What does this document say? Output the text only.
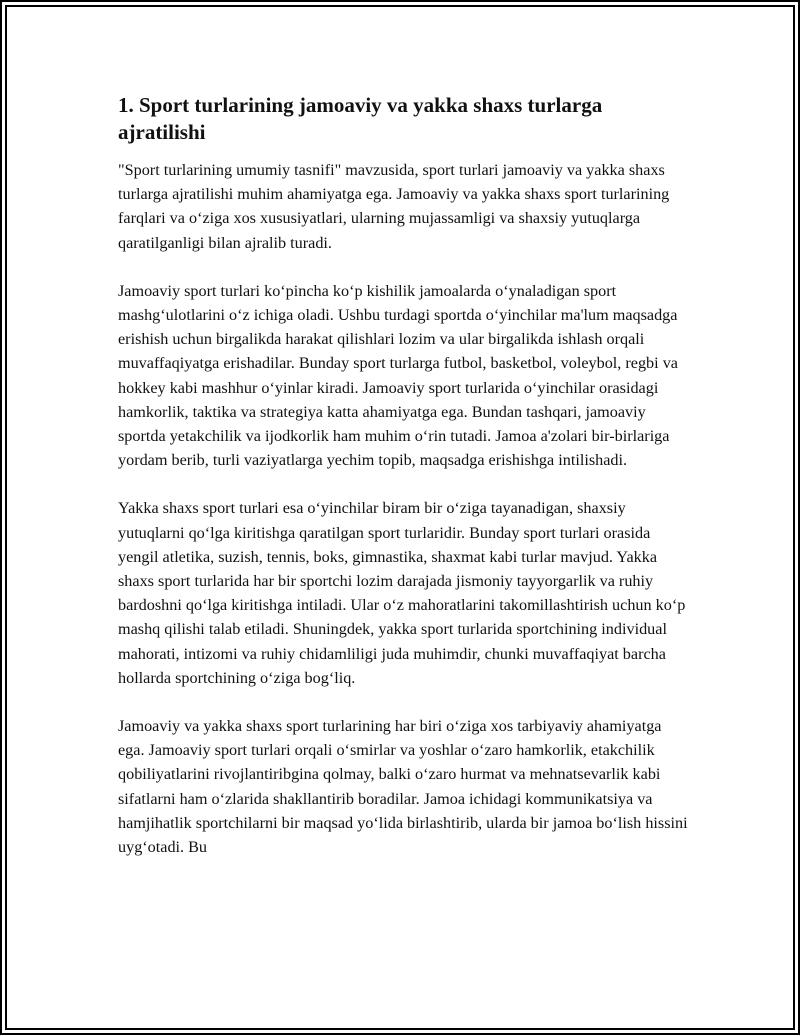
1. Sport turlarining jamoaviy va yakka shaxs turlarga ajratilishi

"Sport turlarining umumiy tasnifi" mavzusida, sport turlari jamoaviy va yakka shaxs turlarga ajratilishi muhim ahamiyatga ega. Jamoaviy va yakka shaxs sport turlarining farqlari va o‘ziga xos xususiyatlari, ularning mujassamligi va shaxsiy yutuqlarga qaratilganligi bilan ajralib turadi.

Jamoaviy sport turlari ko‘pincha ko‘p kishilik jamoalarda o‘ynaladigan sport mashg‘ulotlarini o‘z ichiga oladi. Ushbu turdagi sportda o‘yinchilar ma'lum maqsadga erishish uchun birgalikda harakat qilishlari lozim va ular birgalikda ishlash orqali muvaffaqiyatga erishadilar. Bunday sport turlarga futbol, basketbol, voleybol, regbi va hokkey kabi mashhur o‘yinlar kiradi. Jamoaviy sport turlarida o‘yinchilar orasidagi hamkorlik, taktika va strategiya katta ahamiyatga ega. Bundan tashqari, jamoaviy sportda yetakchilik va ijodkorlik ham muhim o‘rin tutadi. Jamoa a'zolari bir-birlariga yordam berib, turli vaziyatlarga yechim topib, maqsadga erishishga intilishadi.

Yakka shaxs sport turlari esa o‘yinchilar biram bir o‘ziga tayanadigan, shaxsiy yutuqlarni qo‘lga kiritishga qaratilgan sport turlaridir. Bunday sport turlari orasida yengil atletika, suzish, tennis, boks, gimnastika, shaxmat kabi turlar mavjud. Yakka shaxs sport turlarida har bir sportchi lozim darajada jismoniy tayyorgarlik va ruhiy bardoshni qo‘lga kiritishga intiladi. Ular o‘z mahoratlarini takomillashtirish uchun ko‘p mashq qilishi talab etiladi. Shuningdek, yakka sport turlarida sportchining individual mahorati, intizomi va ruhiy chidamliligi juda muhimdir, chunki muvaffaqiyat barcha hollarda sportchining o‘ziga bog‘liq.

Jamoaviy va yakka shaxs sport turlarining har biri o‘ziga xos tarbiyaviy ahamiyatga ega. Jamoaviy sport turlari orqali o‘smirlar va yoshlar o‘zaro hamkorlik, etakchilik qobiliyatlarini rivojlantiribgina qolmay, balki o‘zaro hurmat va mehnatsevarlik kabi sifatlarni ham o‘zlarida shakllantirib boradilar. Jamoa ichidagi kommunikatsiya va hamjihatlik sportchilarni bir maqsad yo‘lida birlashtirib, ularda bir jamoa bo‘lish hissini uyg‘otadi. Bu
